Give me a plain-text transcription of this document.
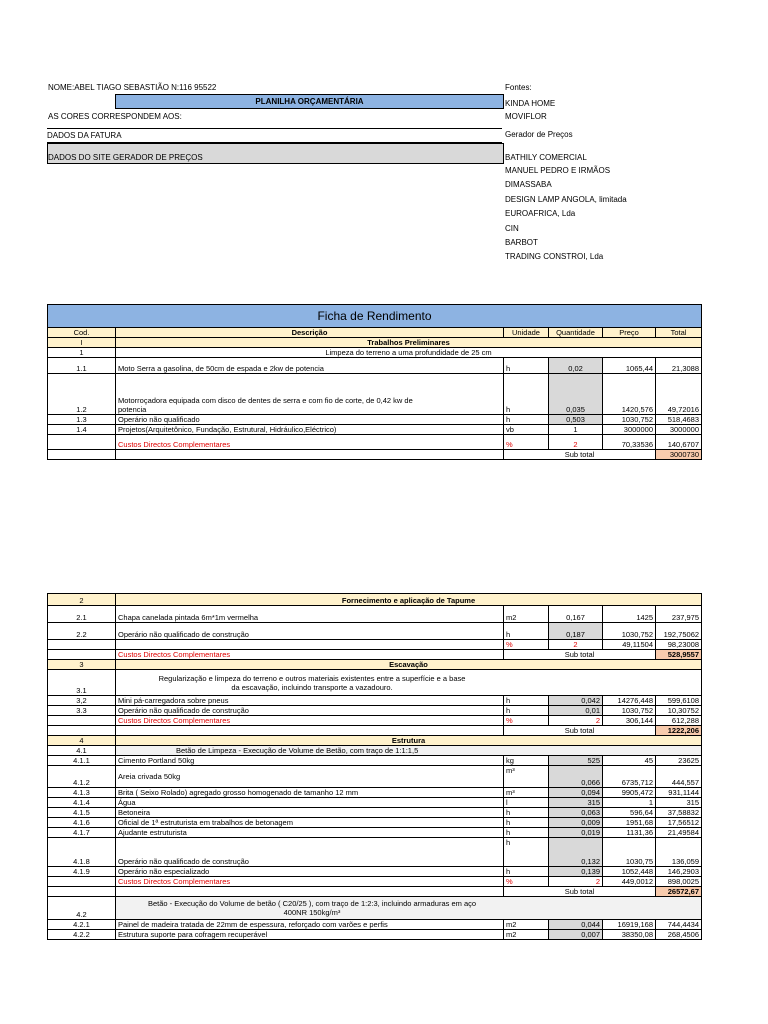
NOME:ABEL TIAGO SEBASTIÃO N:116 95522
PLANILHA ORÇAMENTÁRIA
AS CORES CORRESPONDEM AOS:
DADOS DA FATURA
DADOS DO SITE GERADOR DE PREÇOS
Fontes:
KINDA HOME
MOVIFLOR
Gerador de Preços
BATHILY COMERCIAL
MANUEL PEDRO E IRMÃOS
DIMASSABA
DESIGN LAMP ANGOLA, limitada
EUROAFRICA, Lda
CIN
BARBOT
TRADING CONSTROI, Lda
Ficha de Rendimento					
Cod.	Descrição	Unidade	Quantidade	Preço	Total
I	Trabalhos Preliminares				
1	Limpeza do terreno a uma profundidade de 25 cm				
1.1	Moto Serra a gasolina, de 50cm de espada e 2kw de potencia	h	0,02	1065,44	21,3088
1.2	Motorroçadora equipada com disco de dentes de serra e com fio de corte, de 0,42 kw de
potencia	h	0,035	1420,576	49,72016
1.3	Operário não qualificado	h	0,503	1030,752	518,4683
1.4	Projetos(Arquitetônico, Fundação, Estrutural, Hidráulico,Eléctrico)	vb	1	3000000	3000000
	Custos Directos Complementares	%	2	70,33536	140,6707
		Sub total			3000730
2	Fornecimento e aplicação de Tapume				
2.1	Chapa canelada pintada 6m*1m vermelha	m2	0,167	1425	237,975
2.2	Operário não qualificado de construção	h	0,187	1030,752	192,75062
		%	2	49,11504	98,23008
	Custos Directos Complementares	Sub total			528,9557
3	Escavação				
3.1	Regularização e limpeza do terreno e outros materiais existentes entre a superfície e a base
da escavação, incluindo transporte a vazadouro.				

3,2	Mini pá-carregadora sobre pneus	h	0,042	14276,448	599,6108
3.3	Operário não qualificado de construção	h	0,01	1030,752	10,30752
	Custos Directos Complementares	%	2	306,144	612,288
		Sub total			1222,206
4	Estrutura				
4.1	Betão de Limpeza - Execução de Volume de Betão, com traço de 1:1:1,5				
4.1.1	Cimento Portland 50kg	kg	525	45	23625
4.1.2	Areia crivada 50kg	m³	0,066	6735,712	444,557
4.1.3	Brita ( Seixo Rolado) agregado grosso homogenado de tamanho 12 mm	m³	0,094	9905,472	931,1144
4.1.4	Água	l	315	1	315
4.1.5	Betoneira	h	0,063	596,64	37,58832
4.1.6	Oficial de 1ª estruturista em trabalhos de betonagem	h	0,009	1951,68	17,56512
4.1.7	Ajudante estruturista	h	0,019	1131,36	21,49584
4.1.8	Operário não qualificado de construção	h	0,132	1030,75	136,059
4.1.9	Operário não especializado	h	0,139	1052,448	146,2903
	Custos Directos Complementares	%	2	449,0012	898,0025
		Sub total			26572,67
4.2	Betão - Execução do Volume de betão ( C20/25 ), com traço de 1:2:3, incluindo armaduras em aço
400NR 150kg/m³				

4.2.1	Painel de madeira tratada de 22mm de espessura, reforçado com varões e perfis	m2	0,044	16919,168	744,4434
4.2.2	Estrutura suporte para cofragem recuperável	m2	0,007	38350,08	268,4506
